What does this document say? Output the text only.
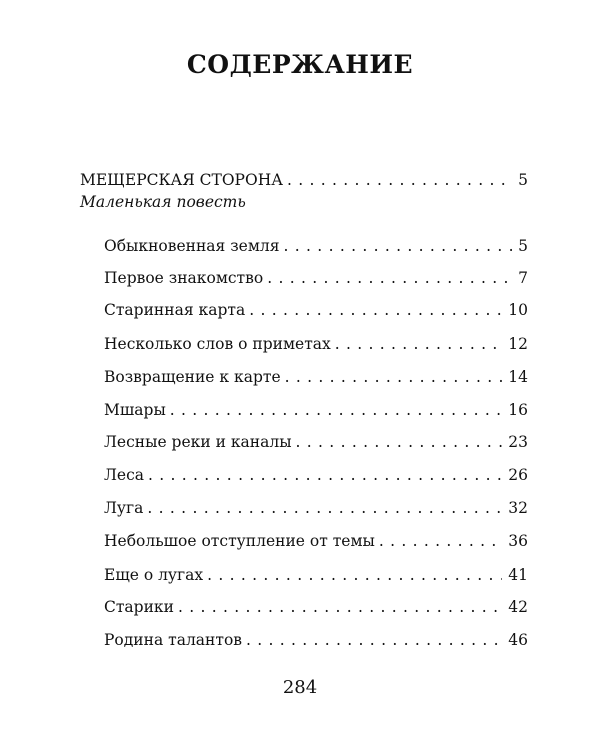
СОДЕРЖАНИЕ
МЕЩЕРСКАЯ СТОРОНА . . .	5
Маленькая повесть
Обыкновенная земля . . .	5
Первое знакомство . . .	7
Старинная карта . . .	10
Несколько слов о приметах . . .	12
Возвращение к карте . . .	14
Мшары . . .	16
Лесные реки и каналы . . .	23
Леса . . .	26
Луга . . .	32
Небольшое отступление от темы . . .	36
Еще о лугах . . .	41
Старики . . .	42
Родина талантов . . .	46
284
